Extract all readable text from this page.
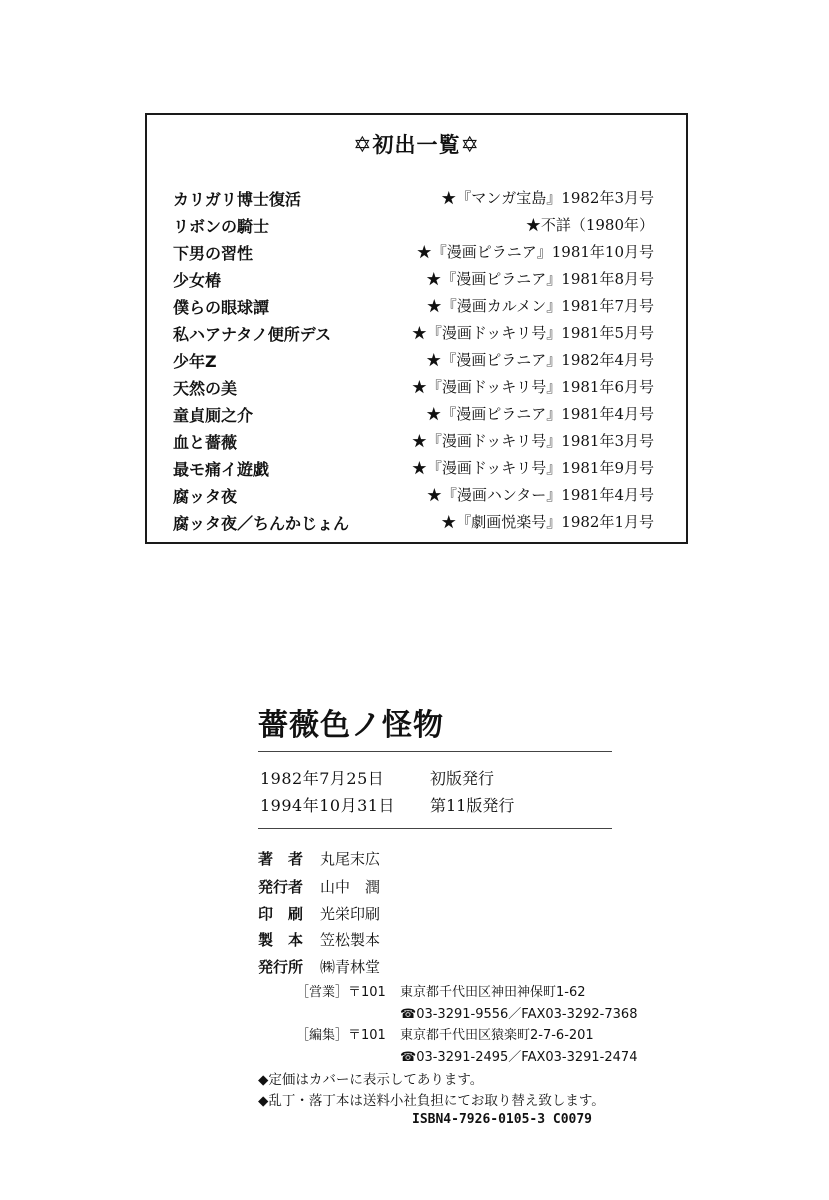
✡初出一覧✡
カリガリ博士復活	★『マンガ宝島』1982年3月号
リボンの騎士	★不詳（1980年）
下男の習性	★『漫画ピラニア』1981年10月号
少女椿	★『漫画ピラニア』1981年8月号
僕らの眼球譚	★『漫画カルメン』1981年7月号
私ハアナタノ便所デス	★『漫画ドッキリ号』1981年5月号
少年Z	★『漫画ピラニア』1982年4月号
天然の美	★『漫画ドッキリ号』1981年6月号
童貞厠之介	★『漫画ピラニア』1981年4月号
血と薔薇	★『漫画ドッキリ号』1981年3月号
最モ痛イ遊戯	★『漫画ドッキリ号』1981年9月号
腐ッタ夜	★『漫画ハンター』1981年4月号
腐ッタ夜／ちんかじょん	★『劇画悦楽号』1982年1月号
薔薇色ノ怪物
1982年7月25日	初版発行
1994年10月31日 第11版発行
著　者 丸尾末広
発行者 山中　潤
印　刷 光栄印刷
製　本 笠松製本
発行所 ㈱青林堂
［営業］〒101 東京都千代田区神田神保町1-62
☎03-3291-9556／FAX03-3292-7368
［編集］〒101 東京都千代田区猿楽町2-7-6-201
☎03-3291-2495／FAX03-3291-2474
◆定価はカバーに表示してあります。
◆乱丁・落丁本は送料小社負担にてお取り替え致します。
ISBN4-7926-0105-3 C0079
